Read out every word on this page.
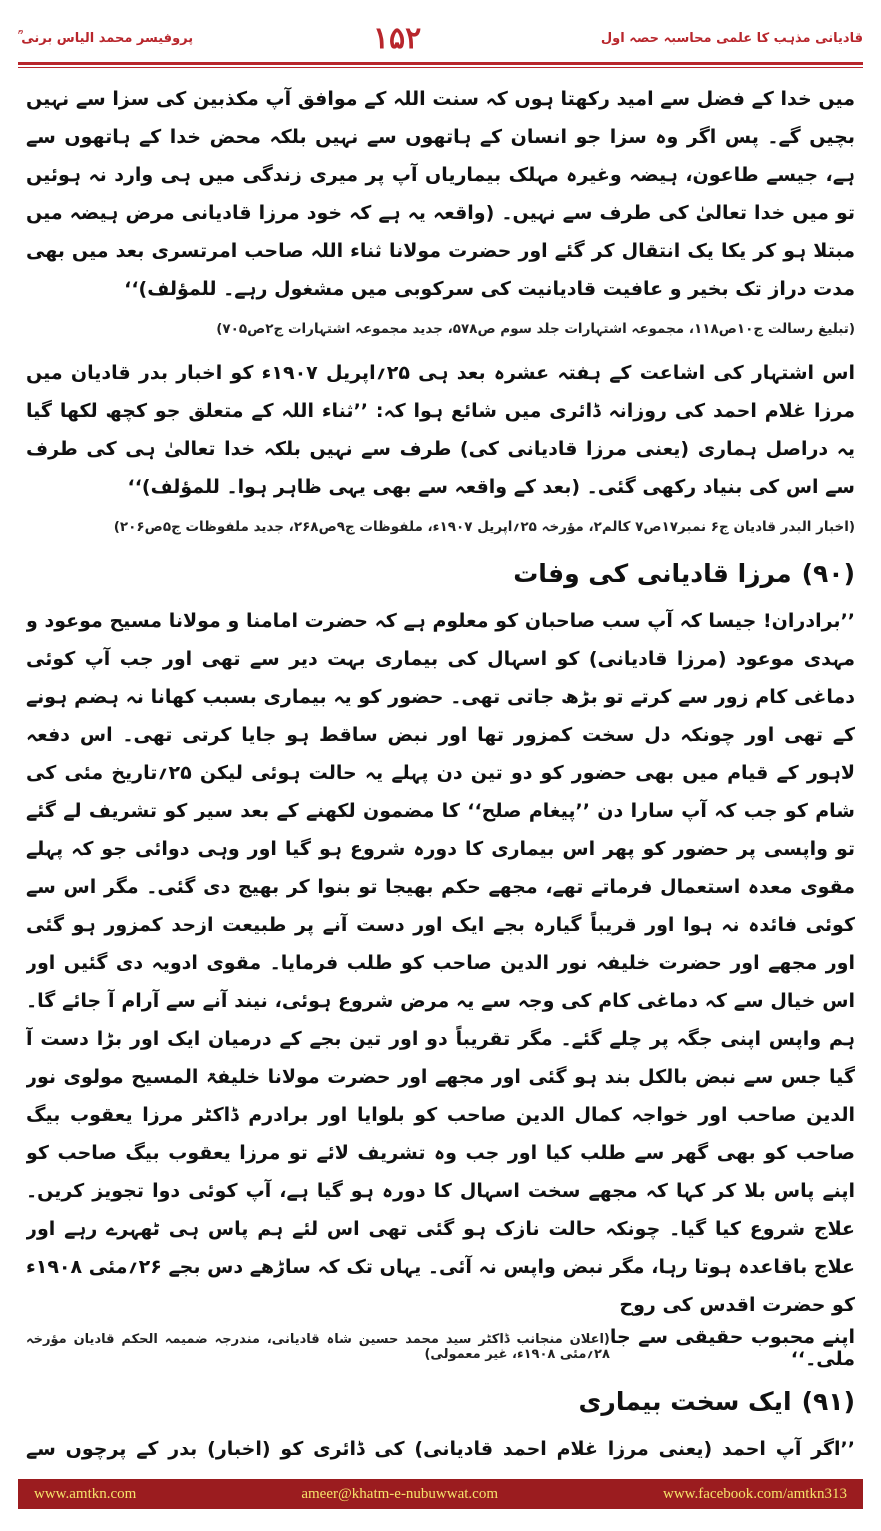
پروفیسر محمد الیاس برنی ؒ	۱۵۲	قادیانی مذہب کا علمی محاسبہ حصہ اول

میں خدا کے فضل سے امید رکھتا ہوں کہ سنت اللہ کے موافق آپ مکذبین کی سزا سے نہیں بچیں گے۔ پس اگر وہ سزا جو انسان کے ہاتھوں سے نہیں بلکہ محض خدا کے ہاتھوں سے ہے، جیسے طاعون، ہیضہ وغیرہ مہلک بیماریاں آپ پر میری زندگی میں ہی وارد نہ ہوئیں تو میں خدا تعالیٰ کی طرف سے نہیں۔ (واقعہ یہ ہے کہ خود مرزا قادیانی مرض ہیضہ میں مبتلا ہو کر یکا یک انتقال کر گئے اور حضرت مولانا ثناء اللہ صاحب امرتسری بعد میں بھی مدت دراز تک بخیر و عافیت قادیانیت کی سرکوبی میں مشغول رہے۔ للمؤلف)‘‘

(تبلیغ رسالت ج۱۰ص۱۱۸، مجموعہ اشتہارات جلد سوم ص۵۷۸، جدید مجموعہ اشتہارات ج۲ص۷۰۵)

اس اشتہار کی اشاعت کے ہفتہ عشرہ بعد ہی ۲۵؍اپریل ۱۹۰۷ء کو اخبار بدر قادیان میں مرزا غلام احمد کی روزانہ ڈائری میں شائع ہوا کہ: ’’ثناء اللہ کے متعلق جو کچھ لکھا گیا یہ دراصل ہماری (یعنی مرزا قادیانی کی) طرف سے نہیں بلکہ خدا تعالیٰ ہی کی طرف سے اس کی بنیاد رکھی گئی۔ (بعد کے واقعہ سے بھی یہی ظاہر ہوا۔ للمؤلف)‘‘

(اخبار البدر قادیان ج۶ نمبر۱۷ص۷ کالم۲، مؤرخہ ۲۵؍اپریل ۱۹۰۷ء، ملفوظات ج۹ص۲۶۸، جدید ملفوظات ج۵ص۲۰۶)

(۹۰)
مرزا قادیانی کی وفات

’’برادران! جیسا کہ آپ سب صاحبان کو معلوم ہے کہ حضرت امامنا و مولانا مسیح موعود و مہدی موعود (مرزا قادیانی) کو اسہال کی بیماری بہت دیر سے تھی اور جب آپ کوئی دماغی کام زور سے کرتے تو بڑھ جاتی تھی۔ حضور کو یہ بیماری بسبب کھانا نہ ہضم ہونے کے تھی اور چونکہ دل سخت کمزور تھا اور نبض ساقط ہو جایا کرتی تھی۔ اس دفعہ لاہور کے قیام میں بھی حضور کو دو تین دن پہلے یہ حالت ہوئی لیکن ۲۵؍تاریخ مئی کی شام کو جب کہ آپ سارا دن ’’پیغام صلح‘‘ کا مضمون لکھنے کے بعد سیر کو تشریف لے گئے تو واپسی پر حضور کو پھر اس بیماری کا دورہ شروع ہو گیا اور وہی دوائی جو کہ پہلے مقوی معدہ استعمال فرماتے تھے، مجھے حکم بھیجا تو بنوا کر بھیج دی گئی۔ مگر اس سے کوئی فائدہ نہ ہوا اور قریباً گیارہ بجے ایک اور دست آنے پر طبیعت ازحد کمزور ہو گئی اور مجھے اور حضرت خلیفہ نور الدین صاحب کو طلب فرمایا۔ مقوی ادویہ دی گئیں اور اس خیال سے کہ دماغی کام کی وجہ سے یہ مرض شروع ہوئی، نیند آنے سے آرام آ جائے گا۔ ہم واپس اپنی جگہ پر چلے گئے۔ مگر تقریباً دو اور تین بجے کے درمیان ایک اور بڑا دست آ گیا جس سے نبض بالکل بند ہو گئی اور مجھے اور حضرت مولانا خلیفۃ المسیح مولوی نور الدین صاحب اور خواجہ کمال الدین صاحب کو بلوایا اور برادرم ڈاکٹر مرزا یعقوب بیگ صاحب کو بھی گھر سے طلب کیا اور جب وہ تشریف لائے تو مرزا یعقوب بیگ صاحب کو اپنے پاس بلا کر کہا کہ مجھے سخت اسہال کا دورہ ہو گیا ہے، آپ کوئی دوا تجویز کریں۔ علاج شروع کیا گیا۔ چونکہ حالت نازک ہو گئی تھی اس لئے ہم پاس ہی ٹھہرے رہے اور علاج باقاعدہ ہوتا رہا، مگر نبض واپس نہ آئی۔ یہاں تک کہ ساڑھے دس بجے ۲۶؍مئی ۱۹۰۸ء کو حضرت اقدس کی روح

اپنے محبوب حقیقی سے جا ملی۔‘‘
(اعلان منجانب ڈاکٹر سید محمد حسین شاہ قادیانی، مندرجہ ضمیمہ الحکم قادیان مؤرخہ ۲۸؍مئی ۱۹۰۸ء، غیر معمولی)
(۹۱)
ایک سخت بیماری

’’اگر آپ احمد (یعنی مرزا غلام احمد قادیانی) کی ڈائری کو (اخبار) بدر کے پرچوں سے

www.amtkn.com	ameer@khatm-e-nubuwwat.com	www.facebook.com/amtkn313
